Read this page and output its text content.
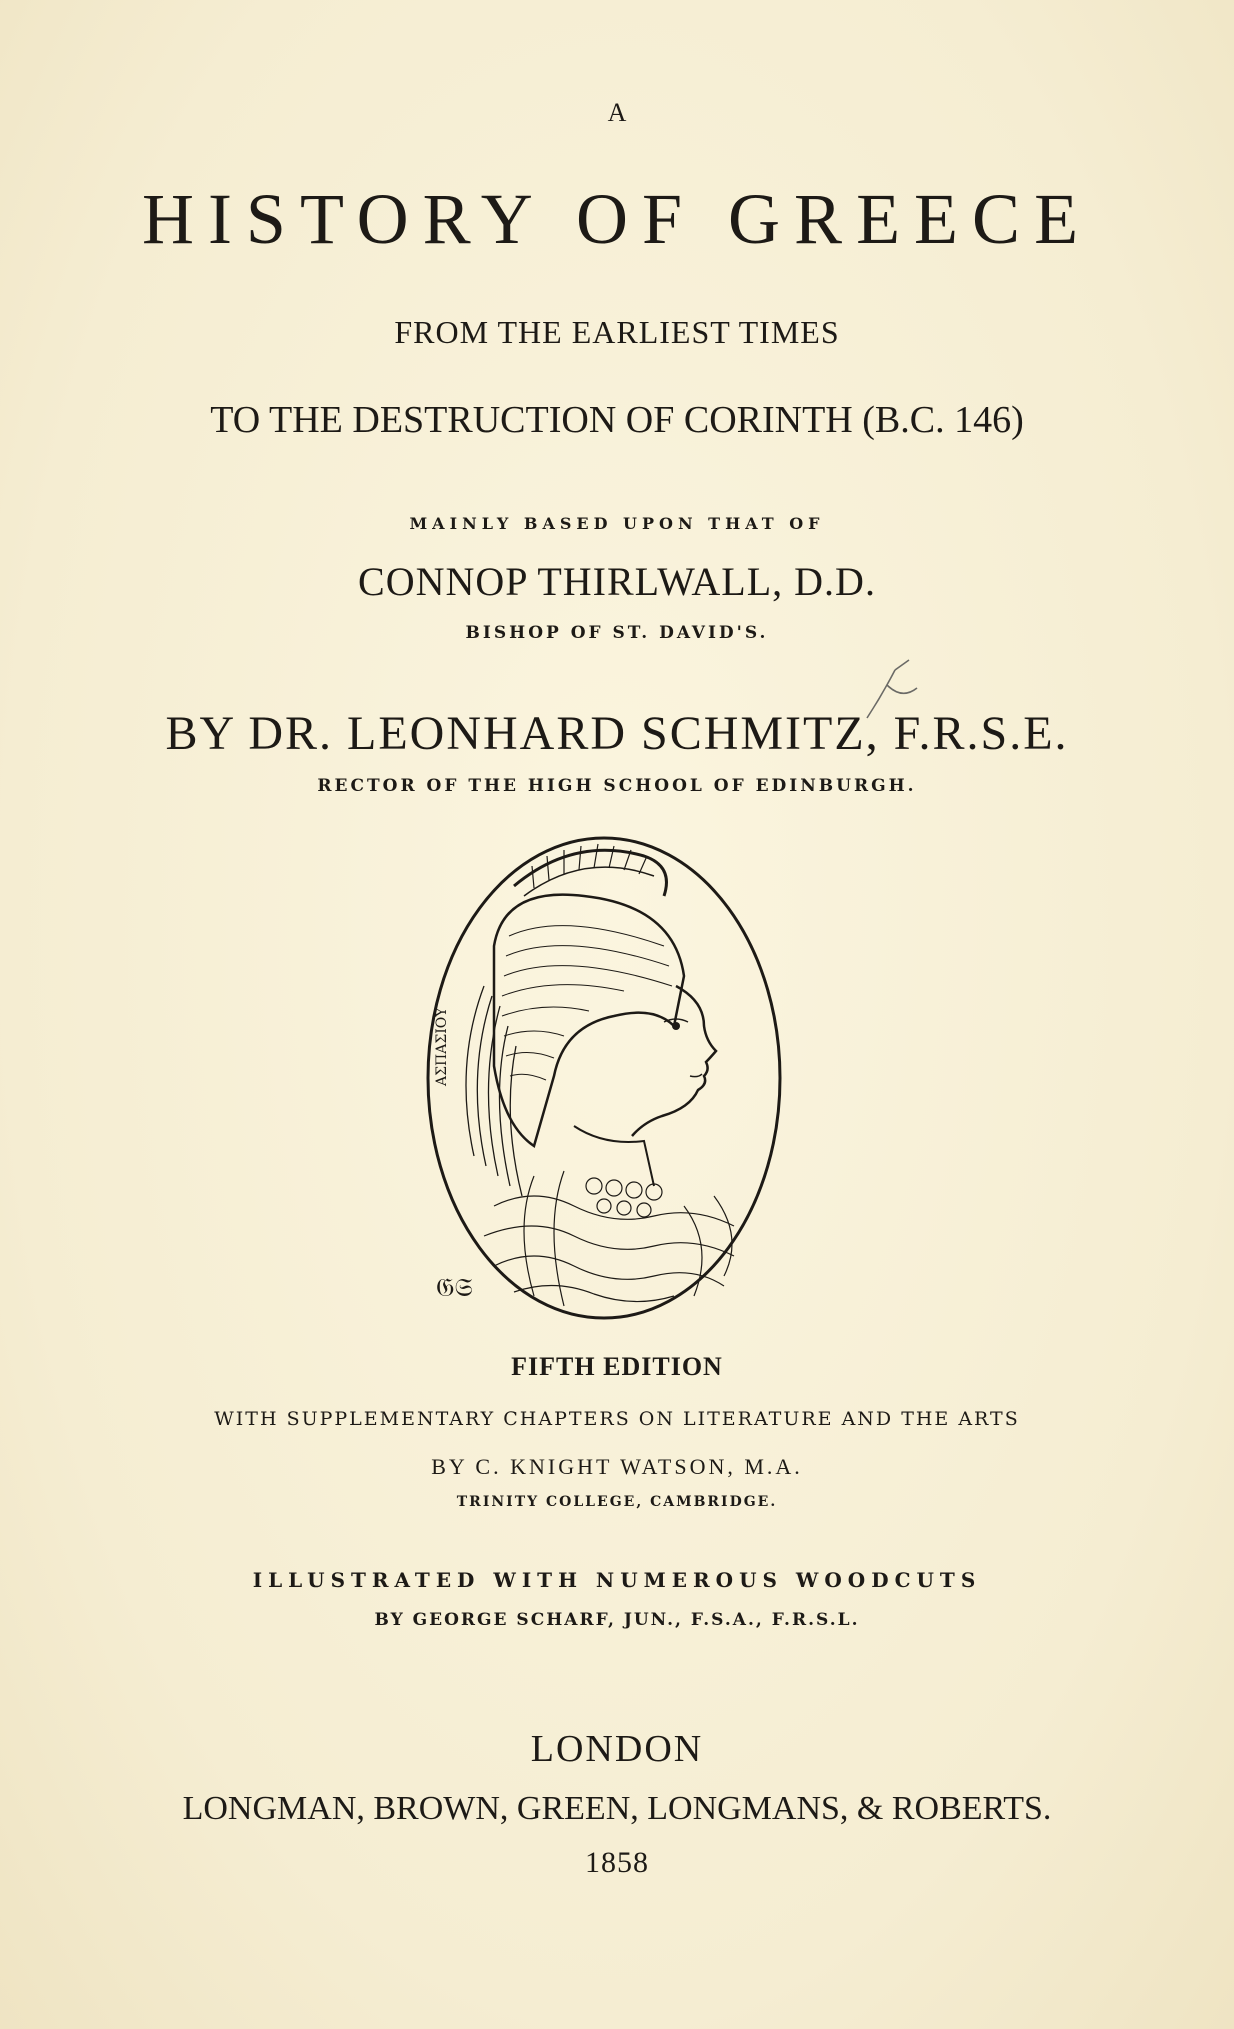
A
HISTORY OF GREECE
FROM THE EARLIEST TIMES
TO THE DESTRUCTION OF CORINTH (B.C. 146)
MAINLY BASED UPON THAT OF
CONNOP THIRLWALL, D.D.
BISHOP OF ST. DAVID'S.
BY DR. LEONHARD SCHMITZ, F.R.S.E.
RECTOR OF THE HIGH SCHOOL OF EDINBURGH.
ΑΣΠΑΣΙΟΥ
𝔊𝔖
FIFTH EDITION
WITH SUPPLEMENTARY CHAPTERS ON LITERATURE AND THE ARTS
BY C. KNIGHT WATSON, M.A.
TRINITY COLLEGE, CAMBRIDGE.
ILLUSTRATED WITH NUMEROUS WOODCUTS
BY GEORGE SCHARF, JUN., F.S.A., F.R.S.L.
LONDON
LONGMAN, BROWN, GREEN, LONGMANS, & ROBERTS.
1858
